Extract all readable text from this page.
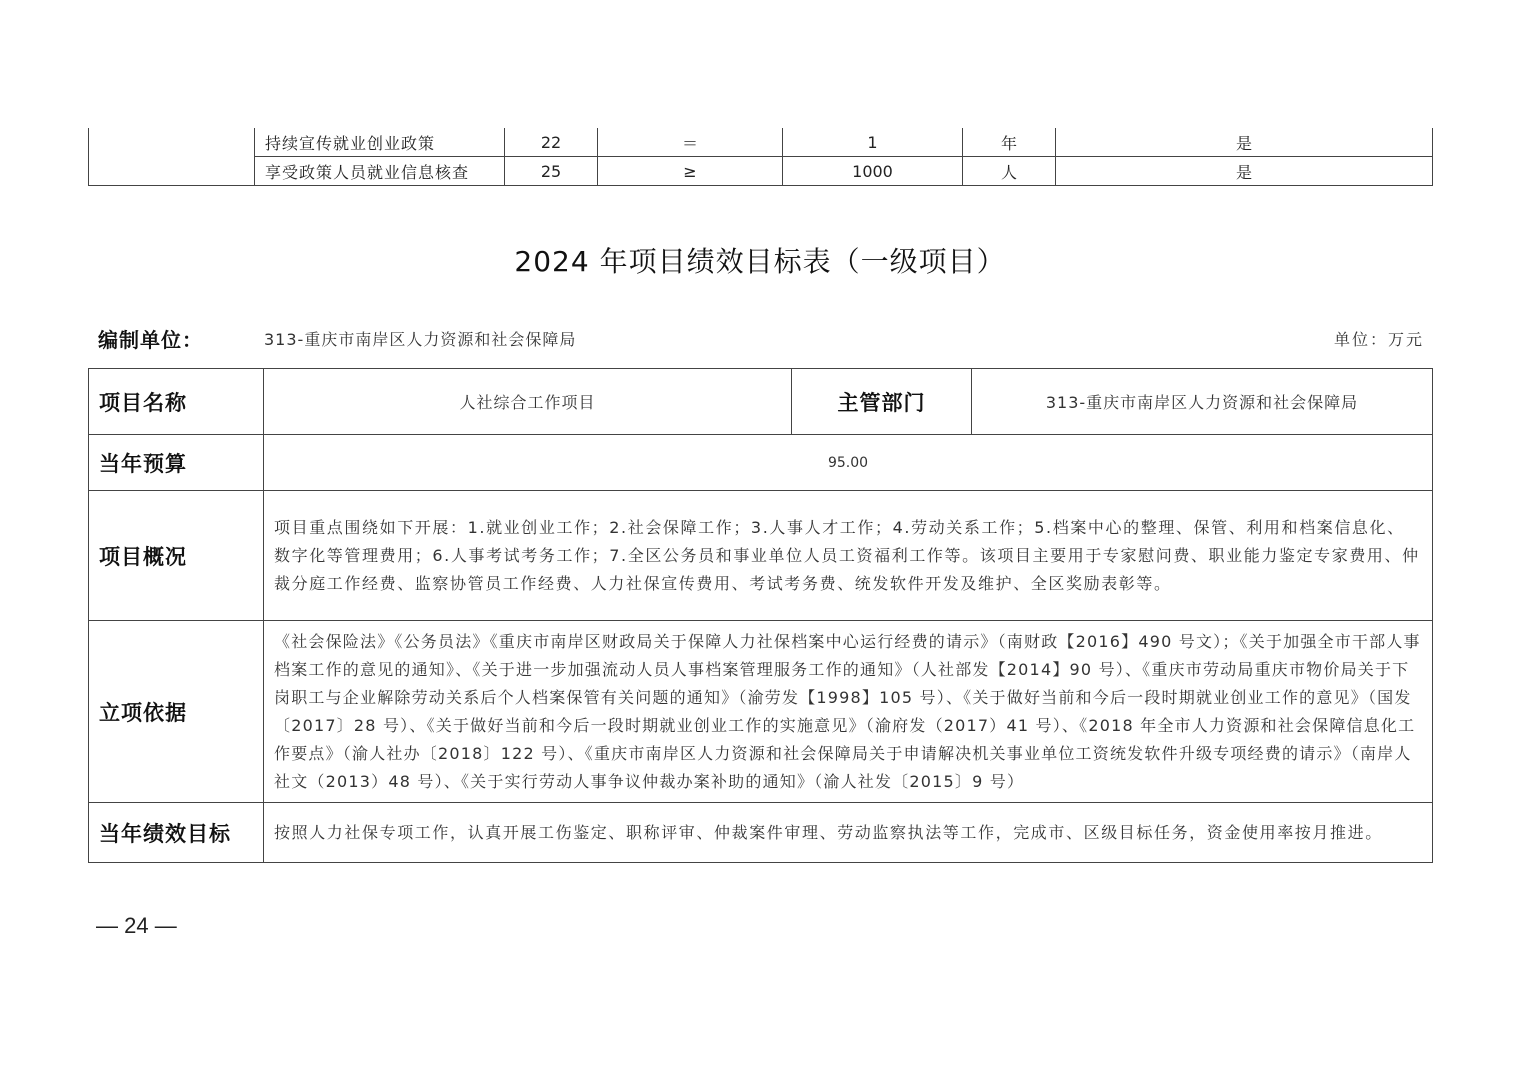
	持续宣传就业创业政策	22	＝	1	年	是
	享受政策人员就业信息核查	25	≥	1000	人	是
2024 年项目绩效目标表（一级项目）
编制单位：	313-重庆市南岸区人力资源和社会保障局	单位：万元
项目名称	人社综合工作项目	主管部门	313-重庆市南岸区人力资源和社会保障局
当年预算	95.00		
项目概况	项目重点围绕如下开展：1.就业创业工作；2.社会保障工作；3.人事人才工作；4.劳动关系工作；5.档案中心的整理、保管、利用和档案信息化、数字化等管理费用；6.人事考试考务工作；7.全区公务员和事业单位人员工资福利工作等。该项目主要用于专家慰问费、职业能力鉴定专家费用、仲裁分庭工作经费、监察协管员工作经费、人力社保宣传费用、考试考务费、统发软件开发及维护、全区奖励表彰等。		
立项依据	《社会保险法》《公务员法》《重庆市南岸区财政局关于保障人力社保档案中心运行经费的请示》（南财政【2016】490 号文）；《关于加强全市干部人事档案工作的意见的通知》、《关于进一步加强流动人员人事档案管理服务工作的通知》（人社部发【2014】90 号）、《重庆市劳动局重庆市物价局关于下岗职工与企业解除劳动关系后个人档案保管有关问题的通知》（渝劳发【1998】105 号）、《关于做好当前和今后一段时期就业创业工作的意见》（国发〔2017〕28 号）、《关于做好当前和今后一段时期就业创业工作的实施意见》（渝府发（2017）41 号）、《2018 年全市人力资源和社会保障信息化工作要点》（渝人社办〔2018〕122 号）、《重庆市南岸区人力资源和社会保障局关于申请解决机关事业单位工资统发软件升级专项经费的请示》（南岸人社文（2013）48 号）、《关于实行劳动人事争议仲裁办案补助的通知》（渝人社发〔2015〕9 号）		
当年绩效目标	按照人力社保专项工作，认真开展工伤鉴定、职称评审、仲裁案件审理、劳动监察执法等工作，完成市、区级目标任务，资金使用率按月推进。		
— 24 —
